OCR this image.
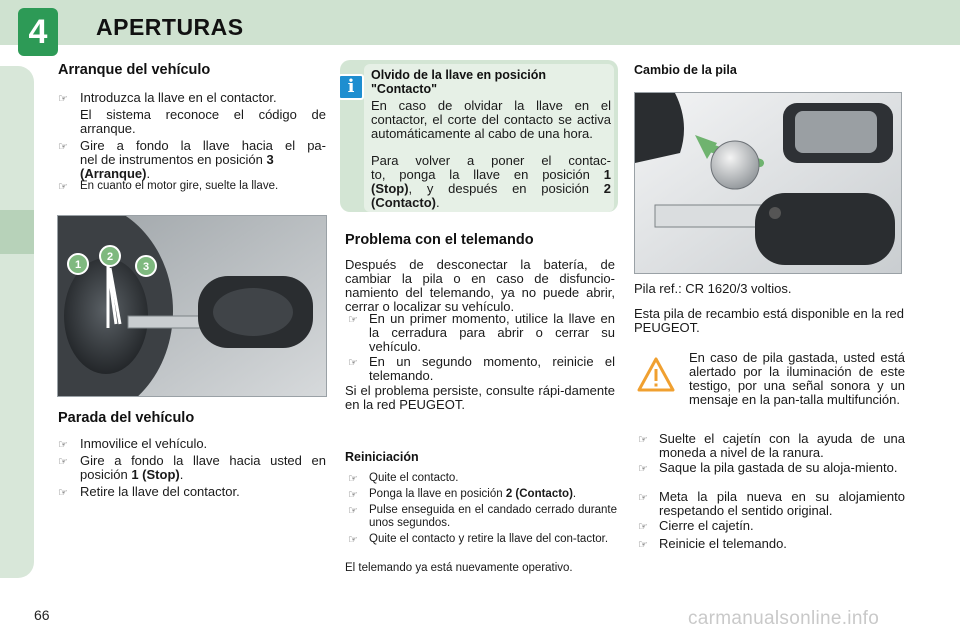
4	APERTURAS
Arranque del vehículo
☞ Introduzca la llave en el contactor.
El sistema reconoce el código de arranque.
☞ Gire a fondo la llave hacia el pa-
nel de instrumentos en posición 3
(Arranque).
☞ En cuanto el motor gire, suelte la llave.
1
2
3
Parada del vehículo
☞ Inmovilice el vehículo.
☞ Gire a fondo la llave hacia usted en
posición 1 (Stop).
☞ Retire la llave del contactor.
i
Olvido de la llave en posición
"Contacto"
En caso de olvidar la llave en el contactor, el corte del contacto se activa automáticamente al cabo de una hora.
Para volver a poner el contac-
to, ponga la llave en posición 1
(Stop), y después en posición 2
(Contacto).
Problema con el telemando
Después de desconectar la batería, de cambiar la pila o en caso de disfuncio-namiento del telemando, ya no puede abrir, cerrar o localizar su vehículo.
☞ En un primer momento, utilice la llave en la cerradura para abrir o cerrar su vehículo.
☞ En un segundo momento, reinicie el telemando.
Si el problema persiste, consulte rápi-damente en la red PEUGEOT.
Reiniciación
☞ Quite el contacto.
☞ Ponga la llave en posición 2 (Contacto).
☞ Pulse enseguida en el candado cerrado durante unos segundos.
☞ Quite el contacto y retire la llave del con-tactor.
El telemando ya está nuevamente operativo.
Cambio de la pila
Pila ref.: CR 1620/3 voltios.
Esta pila de recambio está disponible en la red PEUGEOT.
En caso de pila gastada, usted está alertado por la iluminación de este testigo, por una señal sonora y un mensaje en la pan-talla multifunción.
☞ Suelte el cajetín con la ayuda de una moneda a nivel de la ranura.
☞ Saque la pila gastada de su aloja-miento.
☞ Meta la pila nueva en su alojamiento respetando el sentido original.
☞ Cierre el cajetín.
☞ Reinicie el telemando.
66	carmanualsonline.info
